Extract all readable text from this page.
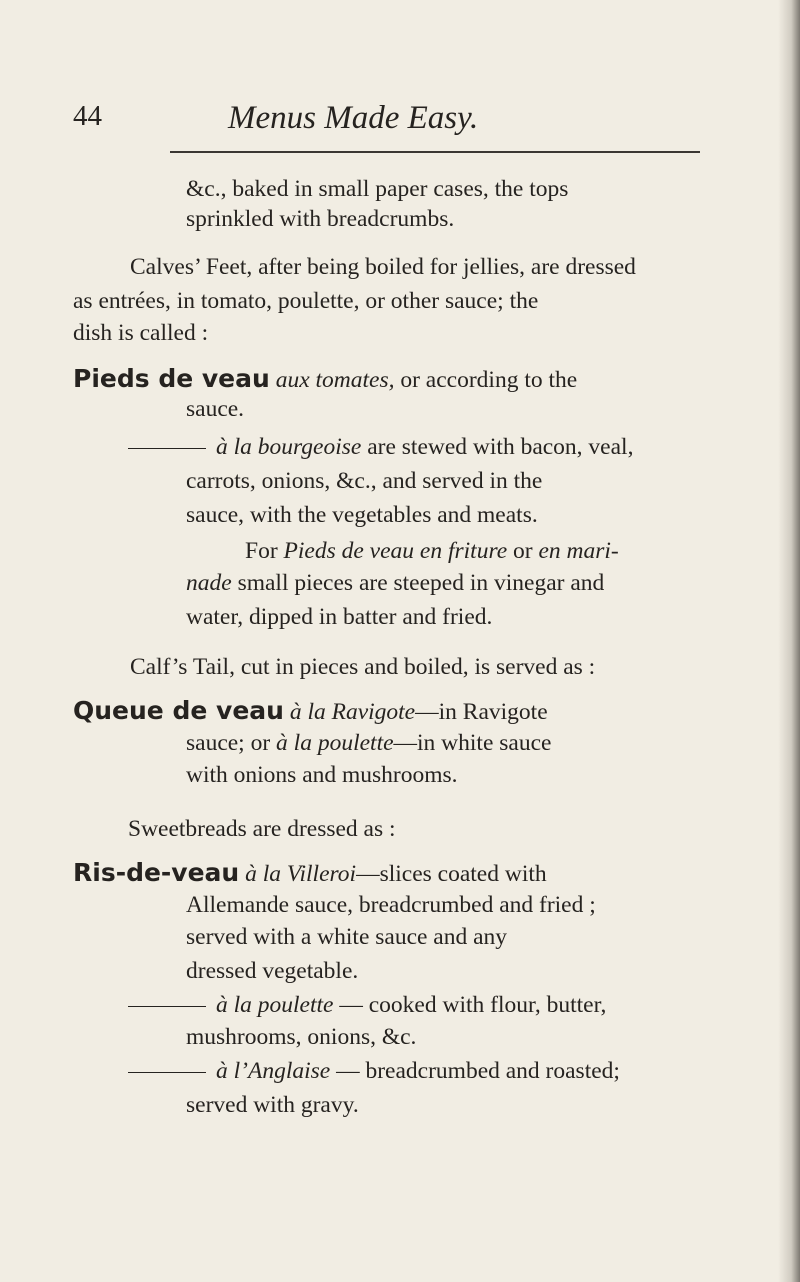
44	Menus Made Easy.
&c., baked in small paper cases, the tops
sprinkled with breadcrumbs.
Calves’ Feet, after being boiled for jellies, are dressed
as entrées, in tomato, poulette, or other sauce; the
dish is called :
Pieds de veau aux tomates, or according to the
sauce.
à la bourgeoise are stewed with bacon, veal,
carrots, onions, &c., and served in the
sauce, with the vegetables and meats.
For Pieds de veau en friture or en mari-
nade small pieces are steeped in vinegar and
water, dipped in batter and fried.
Calf’s Tail, cut in pieces and boiled, is served as :
Queue de veau à la Ravigote—in Ravigote
sauce; or à la poulette—in white sauce
with onions and mushrooms.
Sweetbreads are dressed as :
Ris-de-veau à la Villeroi—slices coated with
Allemande sauce, breadcrumbed and fried ;
served with a white sauce and any
dressed vegetable.
à la poulette — cooked with flour, butter,
mushrooms, onions, &c.
à l’Anglaise — breadcrumbed and roasted;
served with gravy.
